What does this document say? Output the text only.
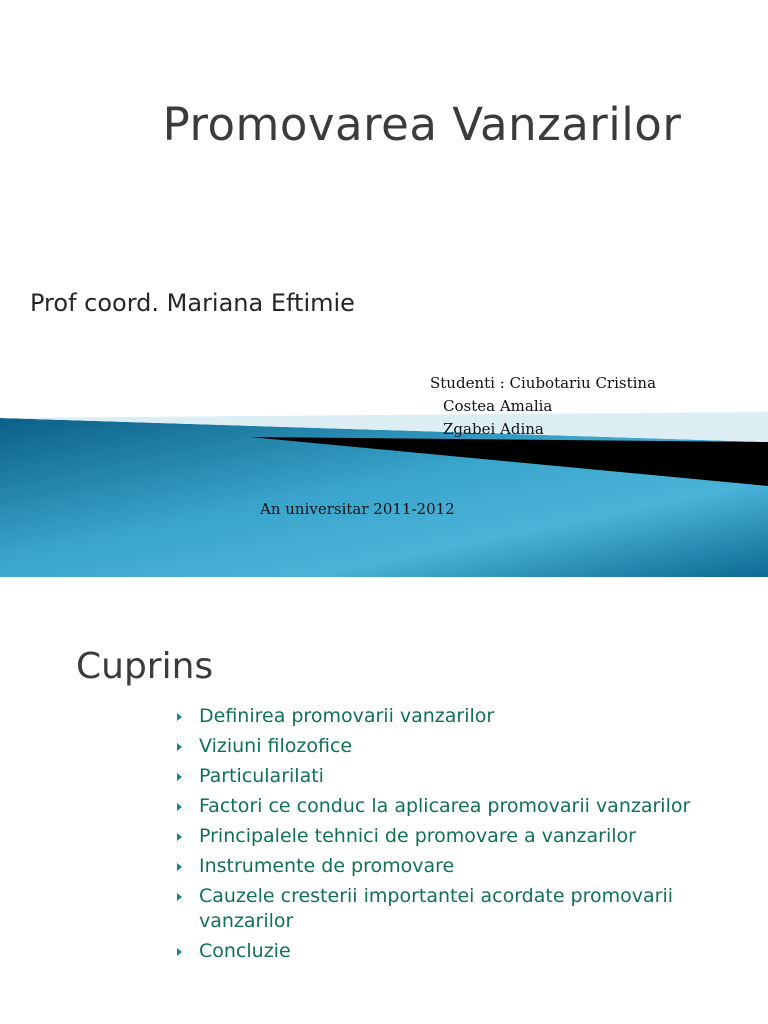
Promovarea Vanzarilor
Prof coord. Mariana Eftimie
Studenti : Ciubotariu Cristina
Costea Amalia
Zgabei Adina
An universitar 2011-2012
Cuprins
Definirea promovarii vanzarilor
Viziuni filozofice
Particularilati
Factori ce conduc la aplicarea promovarii vanzarilor
Principalele tehnici de promovare a vanzarilor
Instrumente de promovare
Cauzele cresterii importantei acordate promovarii vanzarilor
Concluzie
